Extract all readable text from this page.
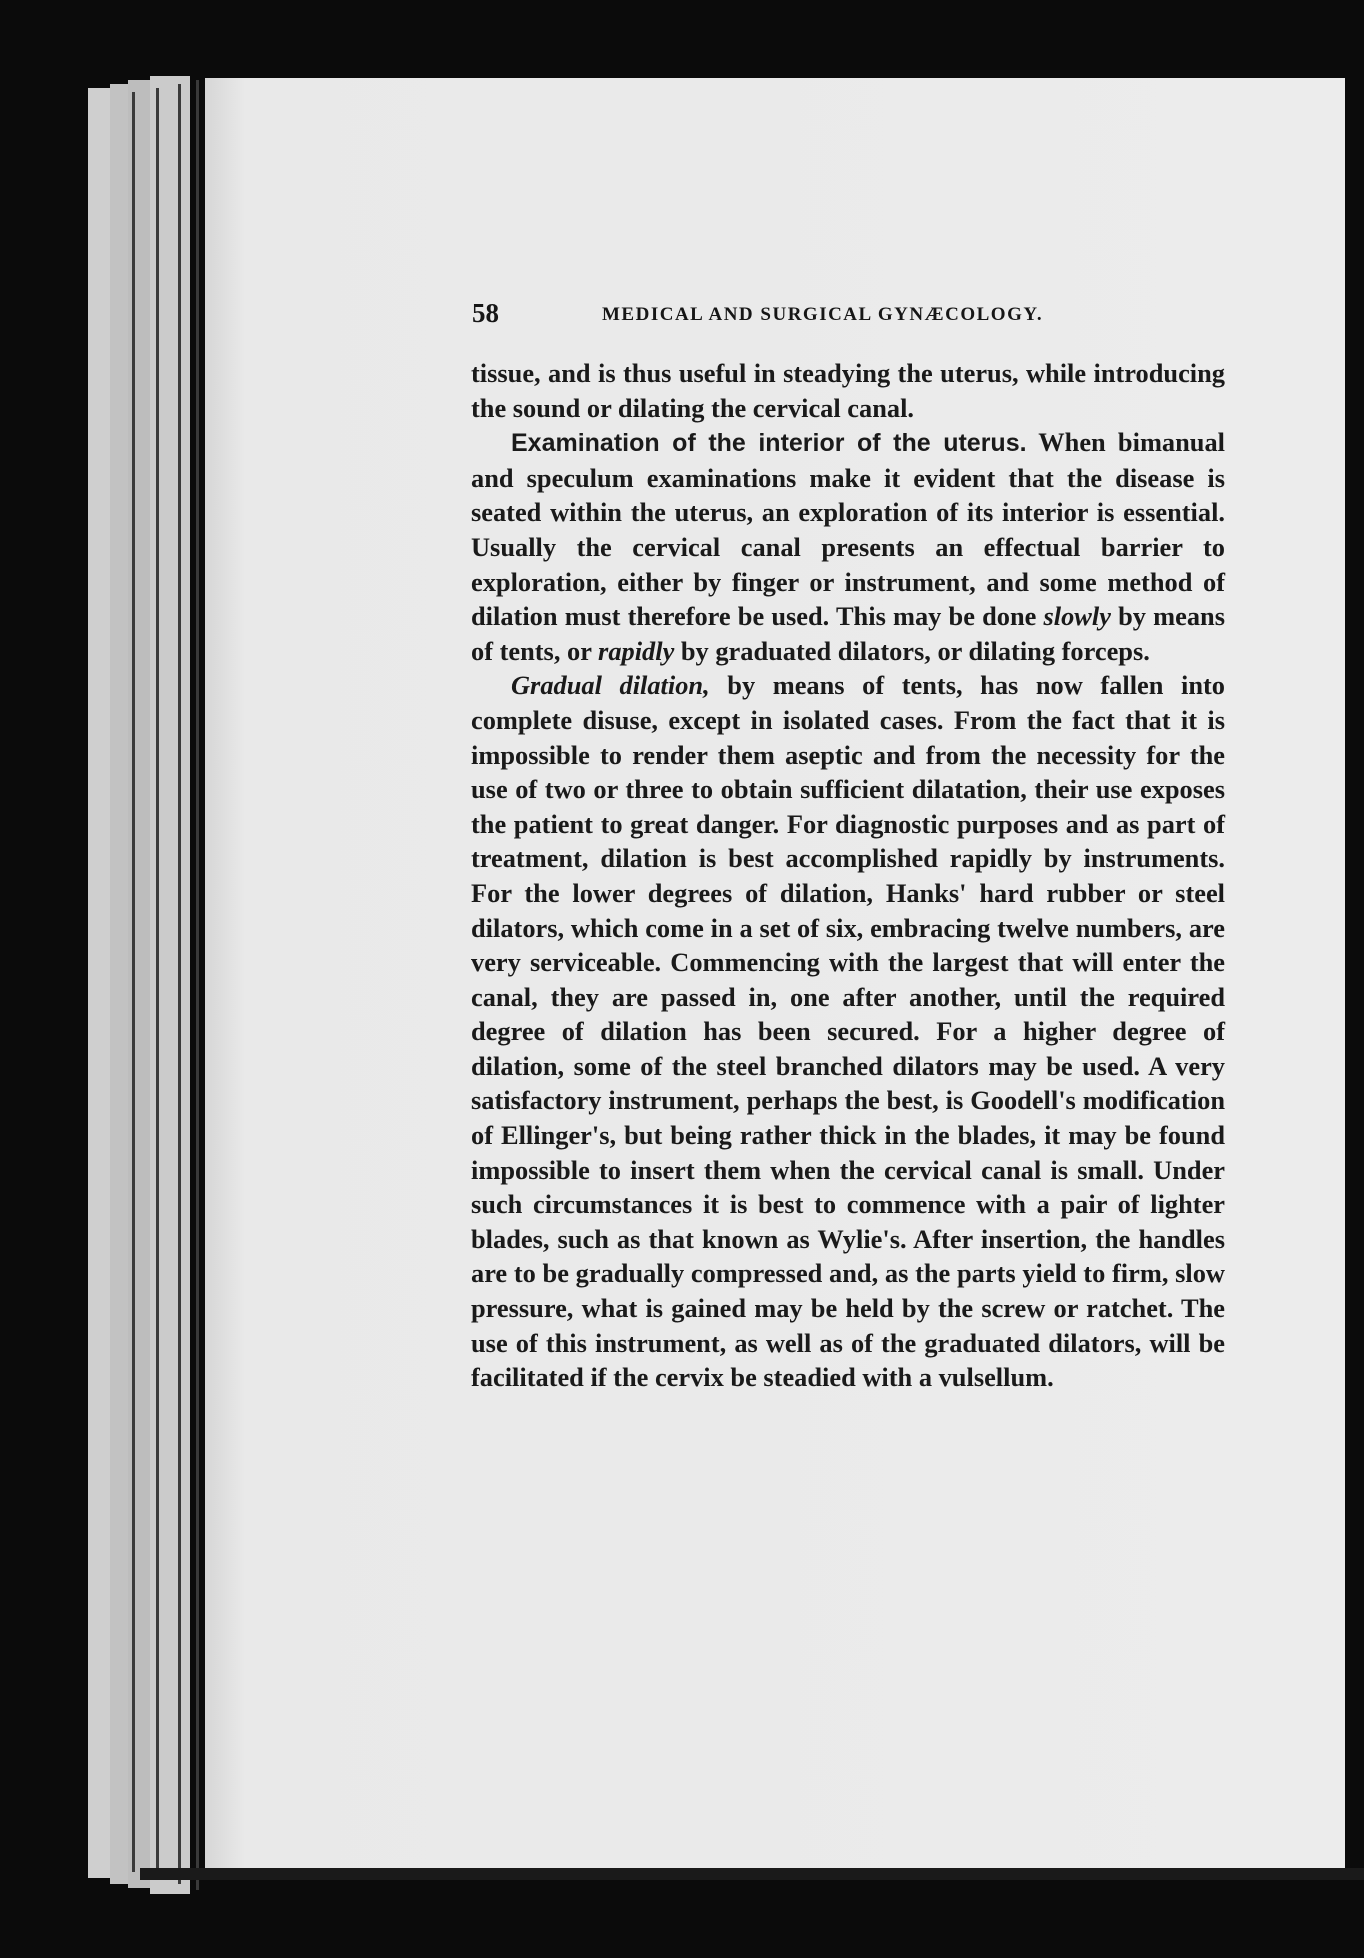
58	MEDICAL AND SURGICAL GYNÆCOLOGY.

tissue, and is thus useful in steadying the uterus, while introducing the sound or dilating the cervical canal.

Examination of the interior of the uterus. When bimanual and speculum examinations make it evident that the disease is seated within the uterus, an exploration of its interior is essential. Usually the cervical canal presents an effectual barrier to exploration, either by finger or instrument, and some method of dilation must therefore be used. This may be done slowly by means of tents, or rapidly by graduated dilators, or dilating forceps.

Gradual dilation, by means of tents, has now fallen into complete disuse, except in isolated cases. From the fact that it is impossible to render them aseptic and from the necessity for the use of two or three to obtain sufficient dilatation, their use exposes the patient to great danger. For diagnostic purposes and as part of treatment, dilation is best accomplished rapidly by instruments. For the lower degrees of dilation, Hanks' hard rubber or steel dilators, which come in a set of six, embracing twelve numbers, are very serviceable. Commencing with the largest that will enter the canal, they are passed in, one after another, until the required degree of dilation has been secured. For a higher degree of dilation, some of the steel branched dilators may be used. A very satisfactory instrument, perhaps the best, is Goodell's modification of Ellinger's, but being rather thick in the blades, it may be found impossible to insert them when the cervical canal is small. Under such circumstances it is best to commence with a pair of lighter blades, such as that known as Wylie's. After insertion, the handles are to be gradually compressed and, as the parts yield to firm, slow pressure, what is gained may be held by the screw or ratchet. The use of this instrument, as well as of the graduated dilators, will be facilitated if the cervix be steadied with a vulsellum.
